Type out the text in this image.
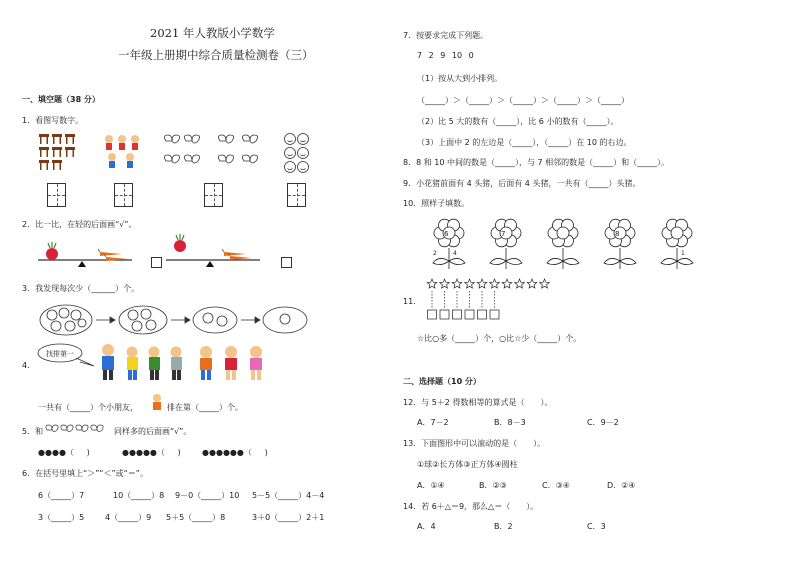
2021 年人教版小学数学
一年级上册期中综合质量检测卷（三）
一、填空题（38 分）
1．看图写数字。
2．比一比，在轻的后面画“√”。
3．我发现每次少（______）个。
4．
找排第一
一共有（_____）个小朋友，	排在第（_____）个。
5．和	同样多的后面画“√”。
●●●●（ )	●●●●●（ )	●●●●●●（ )
6．在括号里填上“＞”“＜”或“＝”。
6（_____）7	10（_____）8 9－0（_____）10 5－5（_____）4－4
3（_____）5	4（_____）9 5＋5（_____）8	3＋0（_____）2＋1
7．按要求完成下列题。
7 2 9 10 0
（1）按从大到小排列。
（_____）＞（_____）＞（_____）＞（_____）＞（_____）
（2）比 5 大的数有（_____），比 6 小的数有（_____）。
（3）上面中 2 的左边是（_____），（_____）在 10 的右边。
8．8 和 10 中间的数是（_____），与 7 相邻的数是（_____）和（_____）。
9．小花猪前面有 4 头猪，后面有 4 头猪，一共有（_____）头猪。
10．照样子填数。
6	7	8
2	4	1
11．
☆比○多（_____）个，○比☆少（_____）个。
二、选择题（10 分）
12．与 5＋2 得数相等的算式是（　　）。
A．7－2	B．8－3	C．9－2
13．下面图形中可以滚动的是（　　）。
①球②长方体③正方体④圆柱
A．①④	B．②③	C．③④	D．②④
14．若 6＋△＝9，那么△＝（　　）。
A．4	B．2	C．3
